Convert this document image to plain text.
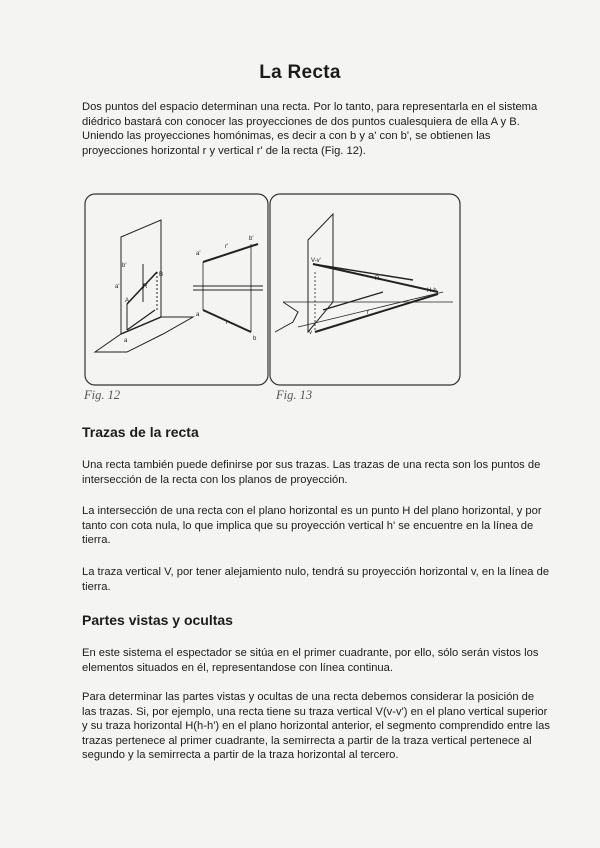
La Recta

Dos puntos del espacio determinan una recta. Por lo tanto, para representarla en el sistema diédrico bastará con conocer las proyecciones de dos puntos cualesquiera de ella A y B. Uniendo las proyecciones homónimas, es decir a con b y a' con b', se obtienen las proyecciones horizontal r y vertical r' de la recta (Fig. 12).

b'
a'
B
A
R
a
a'
r'
b'
a
r
b
V-v'
R
H-h
r
v
Fig. 12	Fig. 13
Trazas de la recta

Una recta también puede definirse por sus trazas. Las trazas de una recta son los puntos de intersección de la recta con los planos de proyección.

La intersección de una recta con el plano horizontal es un punto H del plano horizontal, y por tanto con cota nula, lo que implica que su proyección vertical h' se encuentre en la línea de tierra.

La traza vertical V, por tener alejamiento nulo, tendrá su proyección horizontal v, en la línea de tierra.

Partes vistas y ocultas

En este sistema el espectador se sitúa en el primer cuadrante, por ello, sólo serán vistos los elementos situados en él, representandose con línea continua.

Para determinar las partes vistas y ocultas de una recta debemos considerar la posición de las trazas. Si, por ejemplo, una recta tiene su traza vertical V(v-v') en el plano vertical superior y su traza horizontal H(h-h') en el plano horizontal anterior, el segmento comprendido entre las trazas pertenece al primer cuadrante, la semirrecta a partir de la traza vertical pertenece al segundo y la semirrecta a partir de la traza horizontal al tercero.
